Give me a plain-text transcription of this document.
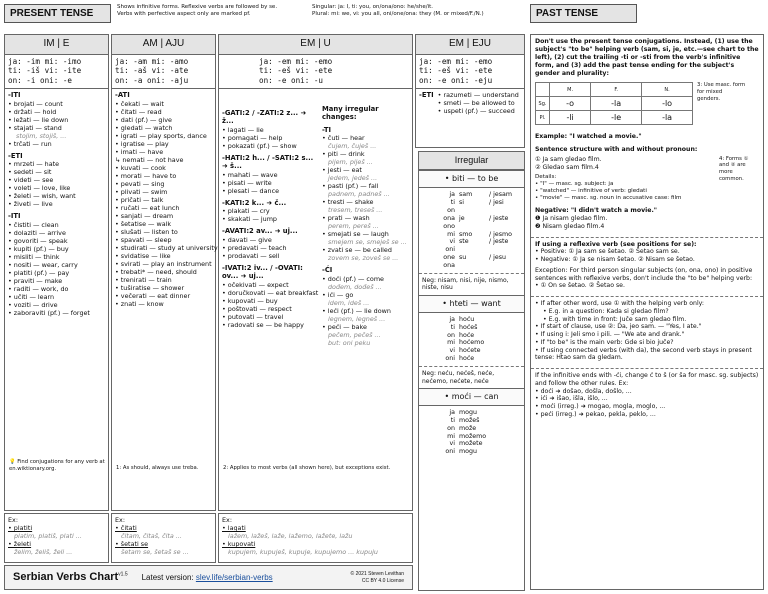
PRESENT TENSE
Shows infinitive forms. Reflexive verbs are followed by se.
Verbs with perfective aspect only are marked pf.
Singular: ja: I, ti: you, on/ona/ono: he/she/it.
Plural: mi: we, vi: you all, oni/one/ona: they (M. or mixed/F./N.)	PAST TENSE
IM | E
ja: -im mi: -imo
ti: -iš vi: -ite
on: -i oni: -e
-ITI
• brojati — count
• držati — hold
• ležati — lie down
• stajati — stand
stojim, stojiš, ...
• trčati — run
-ETI
• mrzeti — hate
• sedeti — sit
• videti — see
• voleti — love, like
• želeti — wish, want
• živeti — live
-ITI
• čistiti — clean
• dolaziti — arrive
• govoriti — speak
• kupiti (pf.) — buy
• misliti — think
• nositi — wear, carry
• platiti (pf.) — pay
• praviti — make
• raditi — work, do
• učiti — learn
• voziti — drive
• zaboraviti (pf.) — forget
💡 Find conjugations for any verb at en.wiktionary.org.
AM | AJU
ja: -am mi: -amo
ti: -aš vi: -ate
on: -a oni: -aju
-ATI
• čekati — wait
• čitati — read
• dati (pf.) — give
• gledati — watch
• igrati — play sports, dance
• igratise — play
• imati — have
↳ nemati — not have
• kuvati — cook
• morati — have to
• pevati — sing
• plivati — swim
• pričati — talk
• ručati — eat lunch
• sanjati — dream
• šetatise — walk
• slušati — listen to
• spavati — sleep
• studirati — study at university
• svidatise — like
• svirati — play an instrument
• trebati* — need, should
• trenirati — train
• tuširatise — shower
• večerati — eat dinner
• znati — know
1: As should, always use treba.
EM | U
ja: -em mi: -emo
ti: -eš vi: -ete
on: -e oni: -u
-GATI:2 / -ZATI:2 z... ➜ ž...
• lagati — lie
• pomagati — help
• pokazati (pf.) — show
-HATI:2 h... / -SATI:2 s... ➜ š...
• mahati — wave
• pisati — write
• plesati — dance
-KATI:2 k... ➜ č...
• plakati — cry
• skakati — jump
-AVATI:2 av... ➜ uj...
• davati — give
• predavati — teach
• prodavati — sell
-IVATI:2 iv... / -OVATI: ov... ➜ uj...
• očekivati — expect
• doručkovati — eat breakfast
• kupovati — buy
• poštovati — respect
• putovati — travel
• radovati se — be happy
Many irregular changes:
-TI
• čuti — hear
čujem, čuješ ...
• piti — drink
pijem, piješ ...
• jesti — eat
jedem, jedeš ...
• pasti (pf.) — fall
padnem, padneš ...
• tresti — shake
tresem, treseš ...
• prati — wash
perem, pereš ...
• smejati se — laugh
smejem se, smeješ se ...
• zvati se — be called
zovem se, zoveš se ...
-ĆI
• doći (pf.) — come
dođem, dođeš ...
• ići — go
idem, ideš ...
• leći (pf.) — lie down
legnem, legneš ...
• peći — bake
pečem, pečeš ...
but: oni peku
2: Applies to most verbs (all shown here), but exceptions exist.
EM | EJU
ja: -em mi: -emo
ti: -eš vi: -ete
on: -e oni: -eju
-ETI • razumeti — understand
• smeti — be allowed to
• uspeti (pf.) — succeed
Irregular
• biti — to be
ja sam	/ jesam
ti si	/ jesi
on
ona je	/ jeste
ono
mi smo	/ jesmo
vi ste	/ jeste
oni
one su	/ jesu
ona
Neg: nisam, nisi, nije, nismo, niste, nisu
• hteti — want
ja hoću
ti hoćeš
on hoće
mi hoćemo
vi hoćete
oni hoće
Neg: neću, nećeš, neće, nećemo, nećete, neće
• moći — can
ja mogu
ti možeš
on može
mi možemo
vi možete
oni mogu
Ex:
• platiti
platim, platiš, plati ...
• želeti
želim, želiš, želi ...
Ex:
• čitati
čitam, čitaš, čita ...
• šetati se
šetam se, šetaš se ...
Ex:
• lagati
lažem, lažeš, laže, lažemo, lažete, lažu
• kupovati
kupujem, kupuješ, kupuje, kupujemo ... kupuju
Serbian Verbs Chart$^{v1.5}$ Latest version: slev.life/serbian-verbs	© 2021 Steven Levithan
CC BY 4.0 License
Don't use the present tense conjugations. Instead, (1) use the subject's "to be" helping verb (sam, si, je, etc.—see chart to the left), (2) cut the trailing -ti or -sti from the verb's infinitive form, and (3) add the past tense ending for the subject's gender and plurality:
	M.	F.	N.
Sg.	-o	-la	-lo
Pl.	-li	-le	-la
3: Use masc. form for mixed genders.
Example: "I watched a movie."
Sentence structure with and without pronoun:
① Ja sam gledao film.
② Gledao sam film.4
Details:
• "I" — masc. sg. subject: ja
• "watched" — infinitive of verb: gledati
• "movie" — masc. sg. noun in accusative case: film
4: Forms ① and ② are more common.
Negative: "I didn't watch a movie."
❶ Ja nisam gledao film.
❷ Nisam gledao film.4
If using a reflexive verb (see positions for se):
• Positive: ① Ja sam se šetao. ② Šetao sam se.
• Negative: ① Ja se nisam šetao. ② Nisam se šetao.
Exception: For third person singular subjects (on, ona, ono) in positive sentences with reflexive verbs, don't include the "to be" helping verb:
• ① On se šetao. ② Šetao se.
• If after other word, use ① with the helping verb only:
• E.g. in a question: Kada si gledao film?
• E.g. with time in front: Juče sam gledao film.
• If start of clause, use ②: Da, jeo sam. — "Yes, I ate."
• If using i: Jeli smo i pili. — "We ate and drank."
• If "to be" is the main verb: Gde si bio juče?
• If using connected verbs (with da), the second verb stays in present tense: Htao sam da gledam.
If the infinitive ends with -ći, change ć to š (or ša for masc. sg. subjects) and follow the other rules. Ex:
• doći ➜ došao, došla, došlo, ...
• ići ➜ išao, išla, išlo, ...
• moći (irreg.) ➜ mogao, mogla, moglo, ...
• peći (irreg.) ➜ pekao, pekla, peklo, ...
